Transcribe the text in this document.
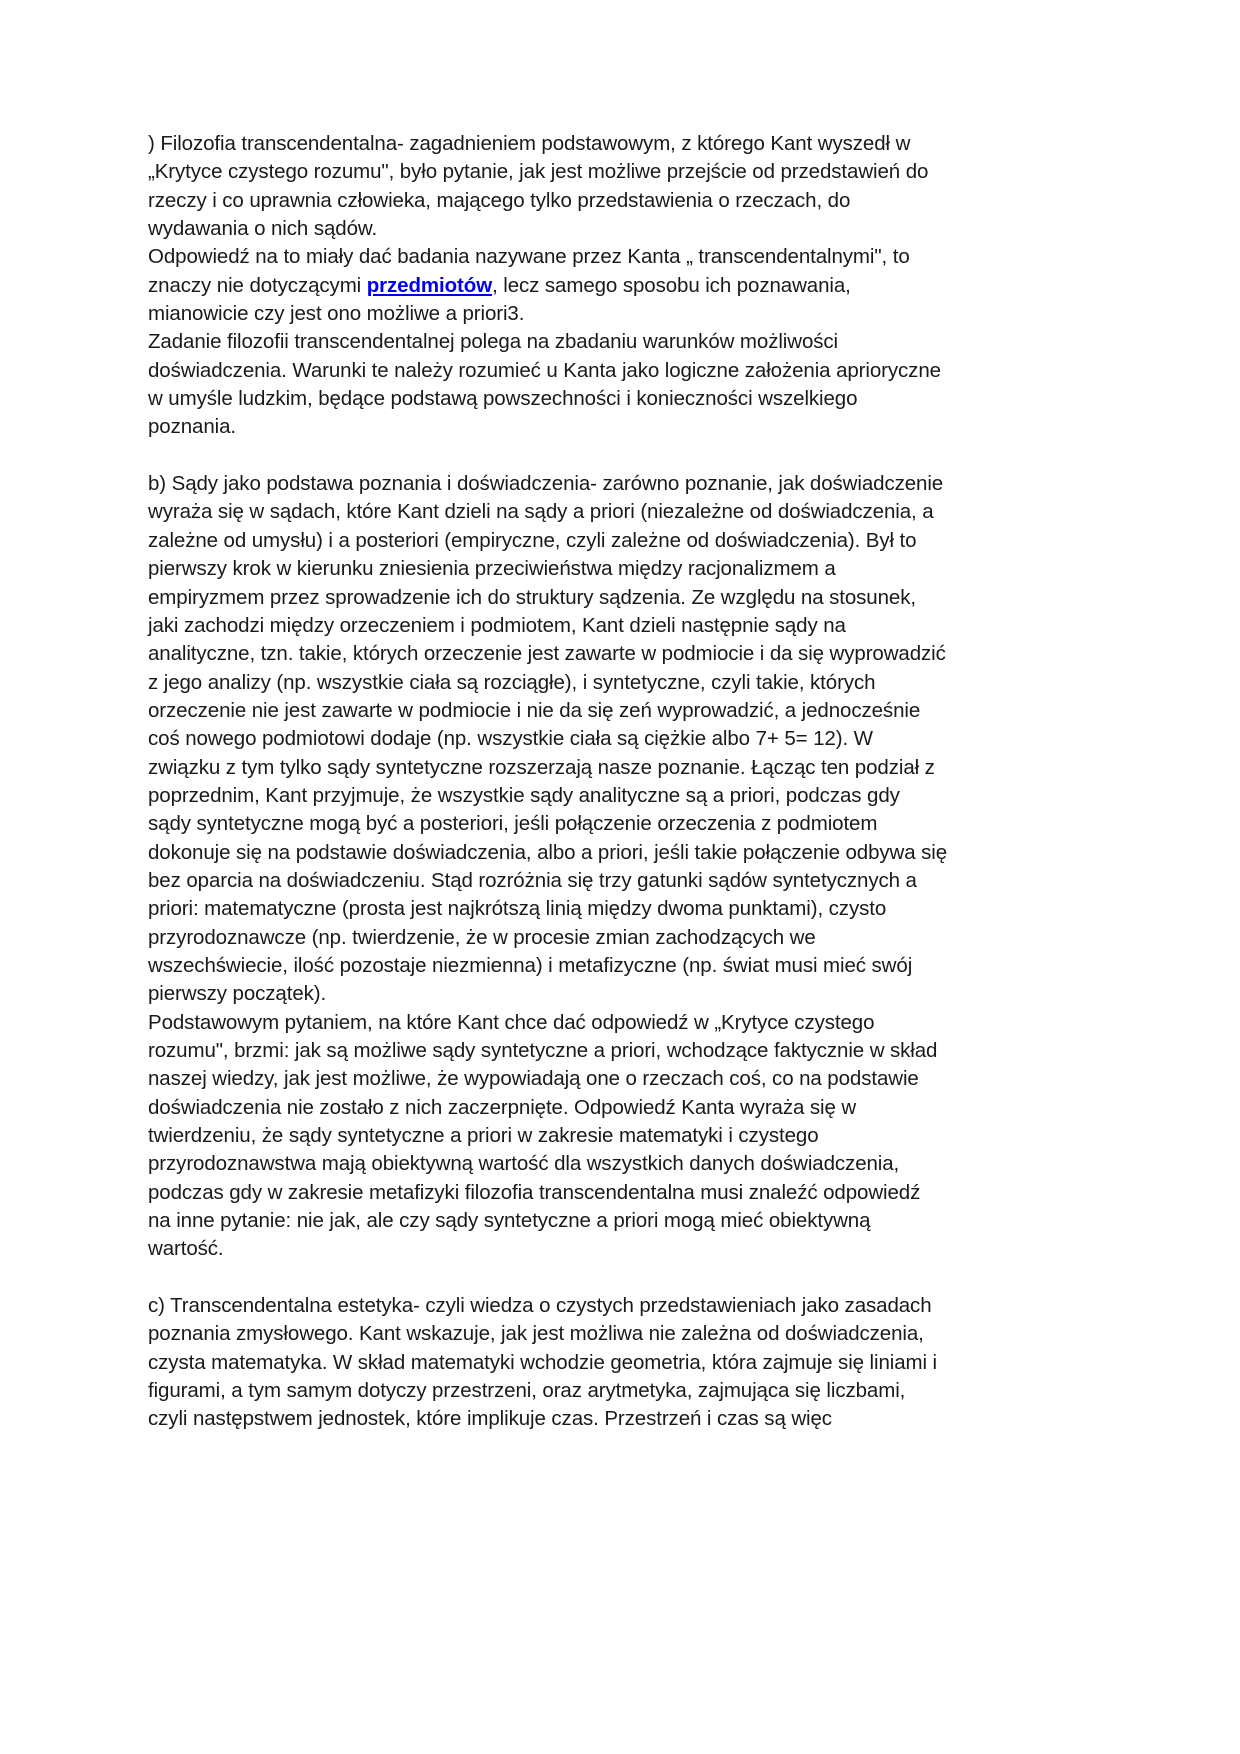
) Filozofia transcendentalna- zagadnieniem podstawowym, z którego Kant wyszedł w
„Krytyce czystego rozumu", było pytanie, jak jest możliwe przejście od przedstawień do
rzeczy i co uprawnia człowieka, mającego tylko przedstawienia o rzeczach, do
wydawania o nich sądów.
Odpowiedź na to miały dać badania nazywane przez Kanta „ transcendentalnymi", to
znaczy nie dotyczącymi przedmiotów, lecz samego sposobu ich poznawania,
mianowicie czy jest ono możliwe a priori3.
Zadanie filozofii transcendentalnej polega na zbadaniu warunków możliwości
doświadczenia. Warunki te należy rozumieć u Kanta jako logiczne założenia aprioryczne
w umyśle ludzkim, będące podstawą powszechności i konieczności wszelkiego
poznania.
b) Sądy jako podstawa poznania i doświadczenia- zarówno poznanie, jak doświadczenie
wyraża się w sądach, które Kant dzieli na sądy a priori (niezależne od doświadczenia, a
zależne od umysłu) i a posteriori (empiryczne, czyli zależne od doświadczenia). Był to
pierwszy krok w kierunku zniesienia przeciwieństwa między racjonalizmem a
empiryzmem przez sprowadzenie ich do struktury sądzenia. Ze względu na stosunek,
jaki zachodzi między orzeczeniem i podmiotem, Kant dzieli następnie sądy na
analityczne, tzn. takie, których orzeczenie jest zawarte w podmiocie i da się wyprowadzić
z jego analizy (np. wszystkie ciała są rozciągłe), i syntetyczne, czyli takie, których
orzeczenie nie jest zawarte w podmiocie i nie da się zeń wyprowadzić, a jednocześnie
coś nowego podmiotowi dodaje (np. wszystkie ciała są ciężkie albo 7+ 5= 12). W
związku z tym tylko sądy syntetyczne rozszerzają nasze poznanie. Łącząc ten podział z
poprzednim, Kant przyjmuje, że wszystkie sądy analityczne są a priori, podczas gdy
sądy syntetyczne mogą być a posteriori, jeśli połączenie orzeczenia z podmiotem
dokonuje się na podstawie doświadczenia, albo a priori, jeśli takie połączenie odbywa się
bez oparcia na doświadczeniu. Stąd rozróżnia się trzy gatunki sądów syntetycznych a
priori: matematyczne (prosta jest najkrótszą linią między dwoma punktami), czysto
przyrodoznawcze (np. twierdzenie, że w procesie zmian zachodzących we
wszechświecie, ilość pozostaje niezmienna) i metafizyczne (np. świat musi mieć swój
pierwszy początek).
Podstawowym pytaniem, na które Kant chce dać odpowiedź w „Krytyce czystego
rozumu", brzmi: jak są możliwe sądy syntetyczne a priori, wchodzące faktycznie w skład
naszej wiedzy, jak jest możliwe, że wypowiadają one o rzeczach coś, co na podstawie
doświadczenia nie zostało z nich zaczerpnięte. Odpowiedź Kanta wyraża się w
twierdzeniu, że sądy syntetyczne a priori w zakresie matematyki i czystego
przyrodoznawstwa mają obiektywną wartość dla wszystkich danych doświadczenia,
podczas gdy w zakresie metafizyki filozofia transcendentalna musi znaleźć odpowiedź
na inne pytanie: nie jak, ale czy sądy syntetyczne a priori mogą mieć obiektywną
wartość.
c) Transcendentalna estetyka- czyli wiedza o czystych przedstawieniach jako zasadach
poznania zmysłowego. Kant wskazuje, jak jest możliwa nie zależna od doświadczenia,
czysta matematyka. W skład matematyki wchodzie geometria, która zajmuje się liniami i
figurami, a tym samym dotyczy przestrzeni, oraz arytmetyka, zajmująca się liczbami,
czyli następstwem jednostek, które implikuje czas. Przestrzeń i czas są więc
